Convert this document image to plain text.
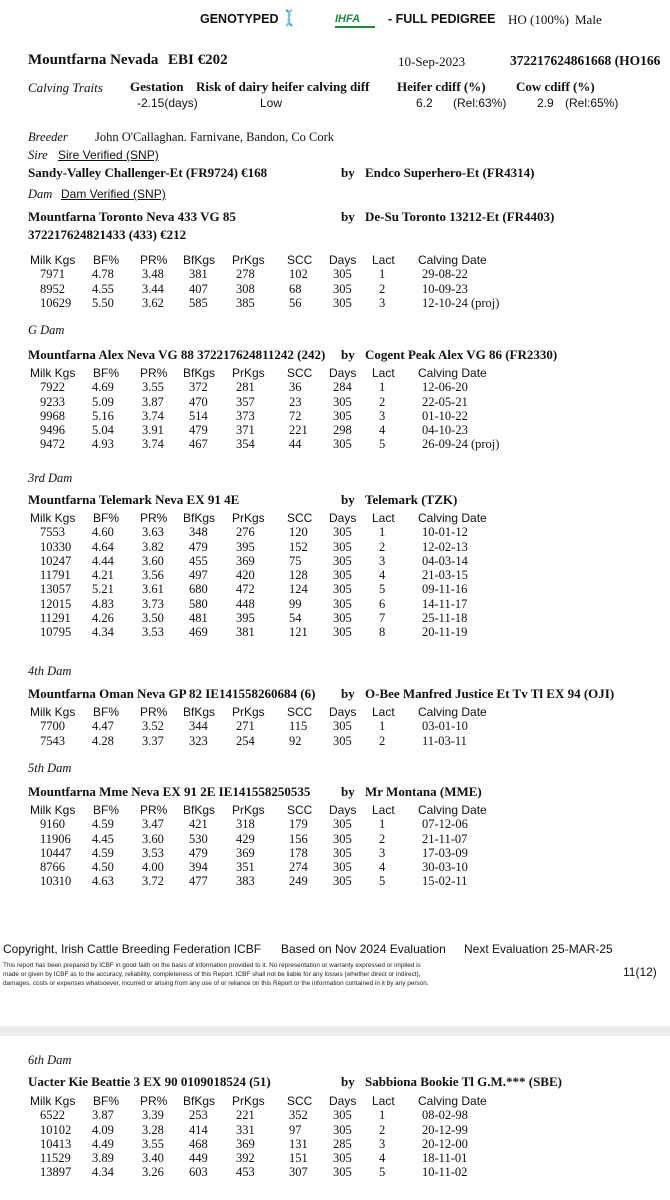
GENOTYPED	IHFA - FULL PEDIGREE HO (100%) Male
Mountfarna Nevada EBI €202	10-Sep-2023	372217624861668 (HO166
Calving Traits Gestation Risk of dairy heifer calving diff Heifer cdiff (%) Cow cdiff (%)
-2.15(days)	Low	6.2 (Rel:63%)	2.9 (Rel:65%)
Breeder John O'Callaghan. Farnivane, Bandon, Co Cork
Sire Sire Verified (SNP)
Sandy-Valley Challenger-Et (FR9724) €168	by Endco Superhero-Et (FR4314)
Dam Dam Verified (SNP)
Mountfarna Toronto Neva 433 VG 85
372217624821433 (433) €212
by De-Su Toronto 13212-Et (FR4403)
Milk Kgs BF% PR% BfKgs PrKgs SCC Days Lact Calving Date
7971 4.78 3.48 381 278	102 305 1	29-08-22
8952 4.55 3.44 407 308	68	305 2	10-09-23
10629 5.50 3.62 585 385	56	305 3	12-10-24 (proj)
G Dam
Mountfarna Alex Neva VG 88 372217624811242 (242) by Cogent Peak Alex VG 86 (FR2330)
Milk Kgs BF% PR% BfKgs PrKgs SCC Days Lact Calving Date
7922 4.69 3.55 372 281	36	284 1	12-06-20
9233 5.09 3.87 470 357	23	305 2	22-05-21
9968 5.16 3.74 514 373	72	305 3	01-10-22
9496 5.04 3.91 479 371	221 298 4	04-10-23
9472 4.93 3.74 467 354	44	305 5	26-09-24 (proj)
3rd Dam
Mountfarna Telemark Neva EX 91 4E	by Telemark (TZK)
Milk Kgs BF% PR% BfKgs PrKgs SCC Days Lact Calving Date
7553 4.60 3.63 348 276	120 305 1	10-01-12
10330 4.64 3.82 479 395	152 305 2	12-02-13
10247 4.44 3.60 455 369	75	305 3	04-03-14
11791 4.21 3.56 497 420	128 305 4	21-03-15
13057 5.21 3.61 680 472	124 305 5	09-11-16
12015 4.83 3.73 580 448	99	305 6	14-11-17
11291 4.26 3.50 481 395	54	305 7	25-11-18
10795 4.34 3.53 469 381	121 305 8	20-11-19
4th Dam
Mountfarna Oman Neva GP 82 IE141558260684 (6) by O-Bee Manfred Justice Et Tv Tl EX 94 (OJI)
Milk Kgs BF% PR% BfKgs PrKgs SCC Days Lact Calving Date
7700 4.47 3.52 344 271	115 305 1	03-01-10
7543 4.28 3.37 323 254	92	305 2	11-03-11
5th Dam
Mountfarna Mme Neva EX 91 2E IE141558250535 by Mr Montana (MME)
Milk Kgs BF% PR% BfKgs PrKgs SCC Days Lact Calving Date
9160 4.59 3.47 421 318	179 305 1	07-12-06
11906 4.45 3.60 530 429	156 305 2	21-11-07
10447 4.59 3.53 479 369	178 305 3	17-03-09
8766 4.50 4.00 394 351	274 305 4	30-03-10
10310 4.63 3.72 477 383	249 305 5	15-02-11
Copyright, Irish Cattle Breeding Federation ICBF Based on Nov 2024 Evaluation Next Evaluation 25-MAR-25
This report has been prepared by ICBF in good faith on the basis of information provided to it. No representation or warranty expressed or implied is
made or given by ICBF as to the accuracy, reliability, completeness of this Report. ICBF shall not be liable for any losses (whether direct or indirect),
damages, costs or expenses whatsoever, incurred or arising from any use of or reliance on this Report or the information contained in it by any person.
11(12)
6th Dam
Uacter Kie Beattie 3 EX 90 0109018524 (51)	by Sabbiona Bookie Tl G.M.*** (SBE)
Milk Kgs BF% PR% BfKgs PrKgs SCC Days Lact Calving Date
6522 3.87 3.39 253 221	352 305 1	08-02-98
10102 4.09 3.28 414 331	97	305 2	20-12-99
10413 4.49 3.55 468 369	131 285 3	20-12-00
11529 3.89 3.40 449 392	151 305 4	18-11-01
13897 4.34 3.26 603 453	307 305 5	10-11-02
